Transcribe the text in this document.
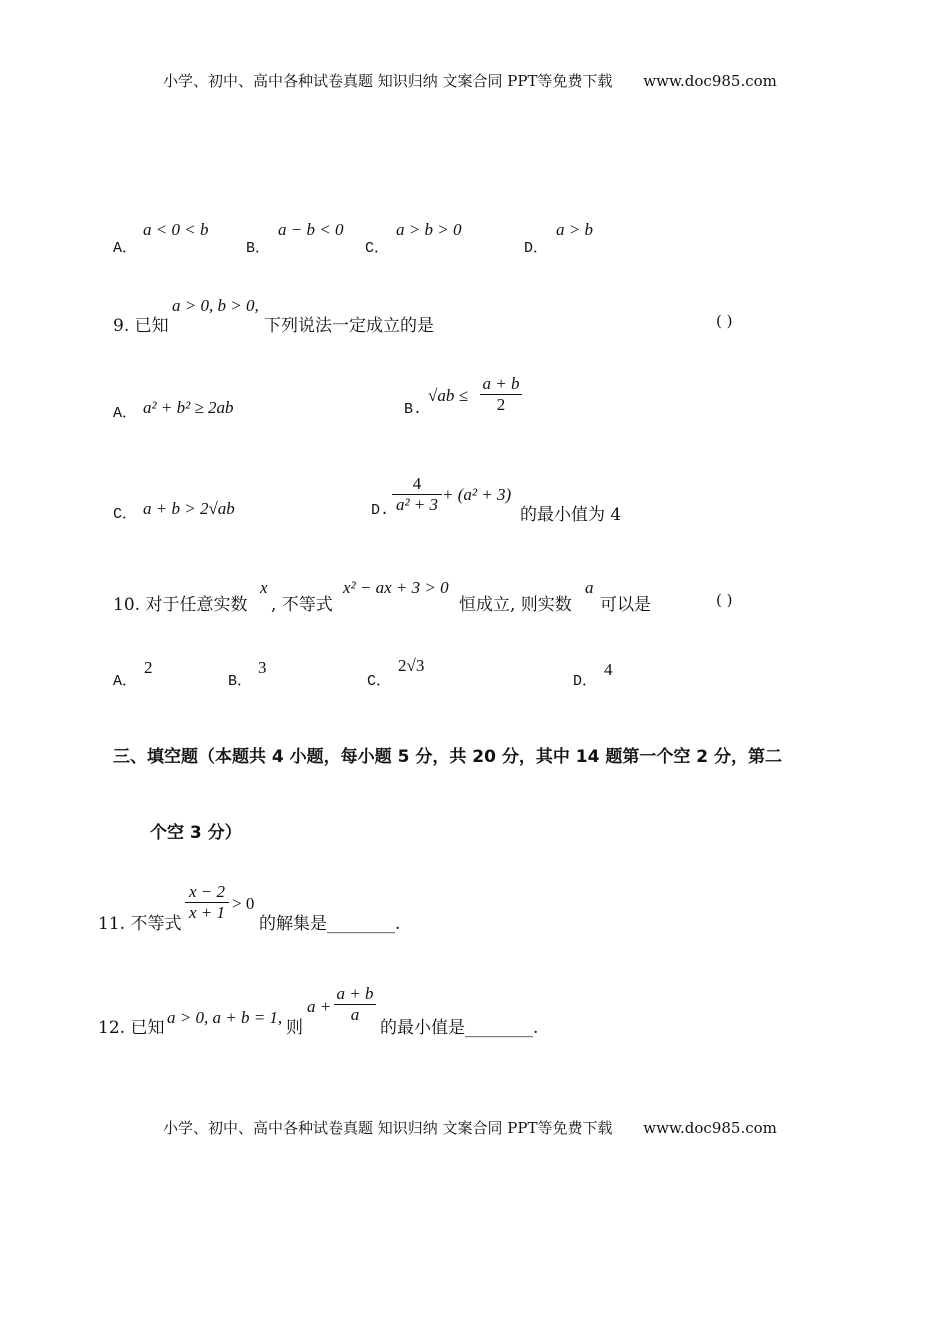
小学、初中、高中各种试卷真题 知识归纳 文案合同 PPT等免费下载 www.doc985.com
A．
a < 0 < b
B．
a − b < 0
C．
a > b > 0
D．
a > b
9. 已知
a > 0, b > 0,
下列说法一定成立的是	( )
A． a² + b² ≥ 2ab	B.
√ab ≤
a + b
2
C． a + b > 2√ab	D.
4
a² + 3
+ (a² + 3)
的最小值为 4
10. 对于任意实数
x
, 不等式
x² − ax + 3 > 0
恒成立, 则实数
a
可以是	( )
A．
2
B．
3
C．
2√3
D．
4
三、填空题（本题共 4 小题，每小题 5 分，共 20 分，其中 14 题第一个空 2 分，第二
个空 3 分）
11. 不等式
x − 2
x + 1 > 0
的解集是________.
12. 已知
a > 0, a + b = 1,
则
a +
a + b
a
的最小值是________.
小学、初中、高中各种试卷真题 知识归纳 文案合同 PPT等免费下载 www.doc985.com
